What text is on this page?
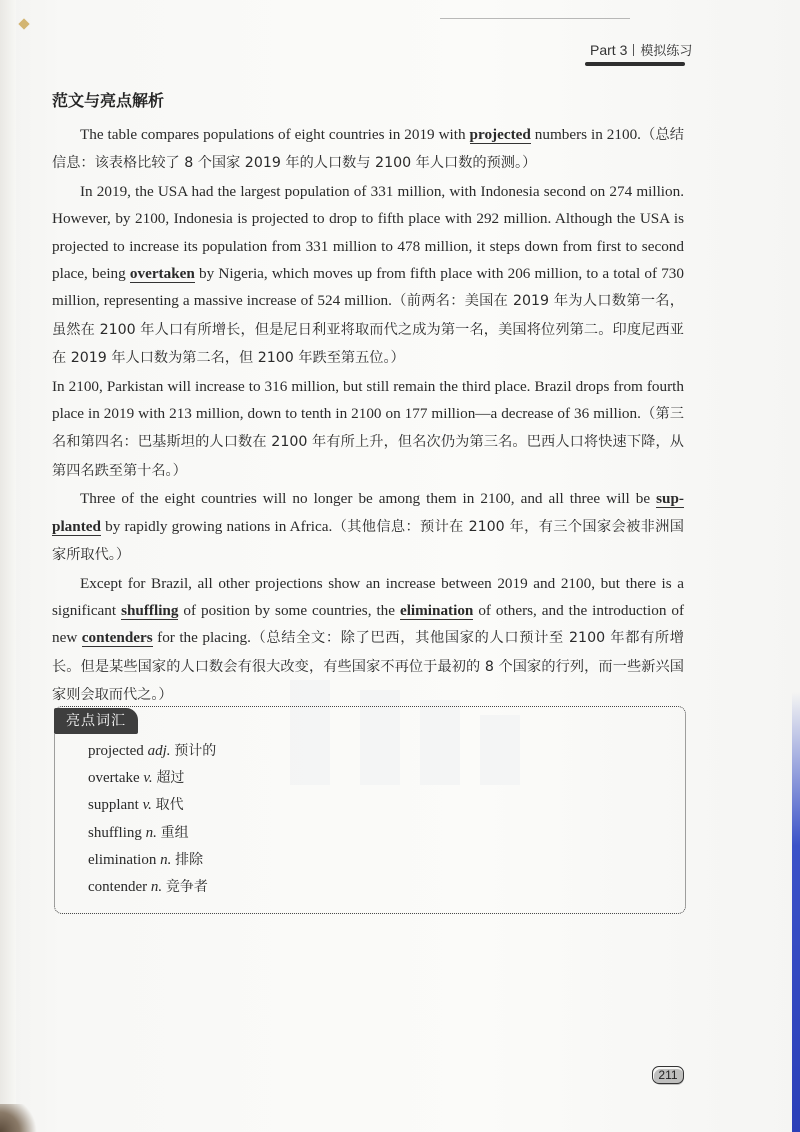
Part 3 模拟练习
范文与亮点解析

The table compares populations of eight countries in 2019 with projected numbers in 2100.（总结信息：该表格比较了 8 个国家 2019 年的人口数与 2100 年人口数的预测。）

In 2019, the USA had the largest population of 331 million, with Indonesia second on 274 million. However, by 2100, Indonesia is projected to drop to fifth place with 292 million. Although the USA is projected to increase its population from 331 million to 478 million, it steps down from first to second place, being overtaken by Nigeria, which moves up from fifth place with 206 million, to a total of 730 million, representing a massive increase of 524 million.（前两名：美国在 2019 年为人口数第一名，虽然在 2100 年人口有所增长，但是尼日利亚将取而代之成为第一名，美国将位列第二。印度尼西亚在 2019 年人口数为第二名，但 2100 年跌至第五位。）

In 2100, Parkistan will increase to 316 million, but still remain the third place. Brazil drops from fourth place in 2019 with 213 million, down to tenth in 2100 on 177 million—a decrease of 36 million.（第三名和第四名：巴基斯坦的人口数在 2100 年有所上升，但名次仍为第三名。巴西人口将快速下降，从第四名跌至第十名。）

Three of the eight countries will no longer be among them in 2100, and all three will be sup-planted by rapidly growing nations in Africa.（其他信息：预计在 2100 年，有三个国家会被非洲国家所取代。）

Except for Brazil, all other projections show an increase between 2019 and 2100, but there is a significant shuffling of position by some countries, the elimination of others, and the introduction of new contenders for the placing.（总结全文：除了巴西，其他国家的人口预计至 2100 年都有所增长。但是某些国家的人口数会有很大改变，有些国家不再位于最初的 8 个国家的行列，而一些新兴国家则会取而代之。）

亮点词汇
projected adj. 预计的
overtake v. 超过
supplant v. 取代
shuffling n. 重组
elimination n. 排除
contender n. 竞争者
211
